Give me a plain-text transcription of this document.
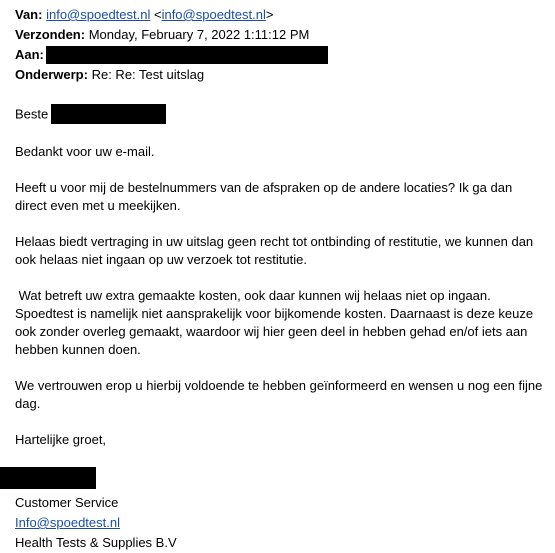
Van: info@spoedtest.nl <info@spoedtest.nl>
Verzonden: Monday, February 7, 2022 1:11:12 PM
Aan:
Onderwerp: Re: Re: Test uitslag

Beste

Bedankt voor uw e-mail.

Heeft u voor mij de bestelnummers van de afspraken op de andere locaties? Ik ga dan direct even met u meekijken.

Helaas biedt vertraging in uw uitslag geen recht tot ontbinding of restitutie, we kunnen dan ook helaas niet ingaan op uw verzoek tot restitutie.

Wat betreft uw extra gemaakte kosten, ook daar kunnen wij helaas niet op ingaan. Spoedtest is namelijk niet aansprakelijk voor bijkomende kosten. Daarnaast is deze keuze ook zonder overleg gemaakt, waardoor wij hier geen deel in hebben gehad en/of iets aan hebben kunnen doen.

We vertrouwen erop u hierbij voldoende te hebben geïnformeerd en wensen u nog een fijne dag.

Hartelijke groet,

Customer Service
Info@spoedtest.nl
Health Tests & Supplies B.V
